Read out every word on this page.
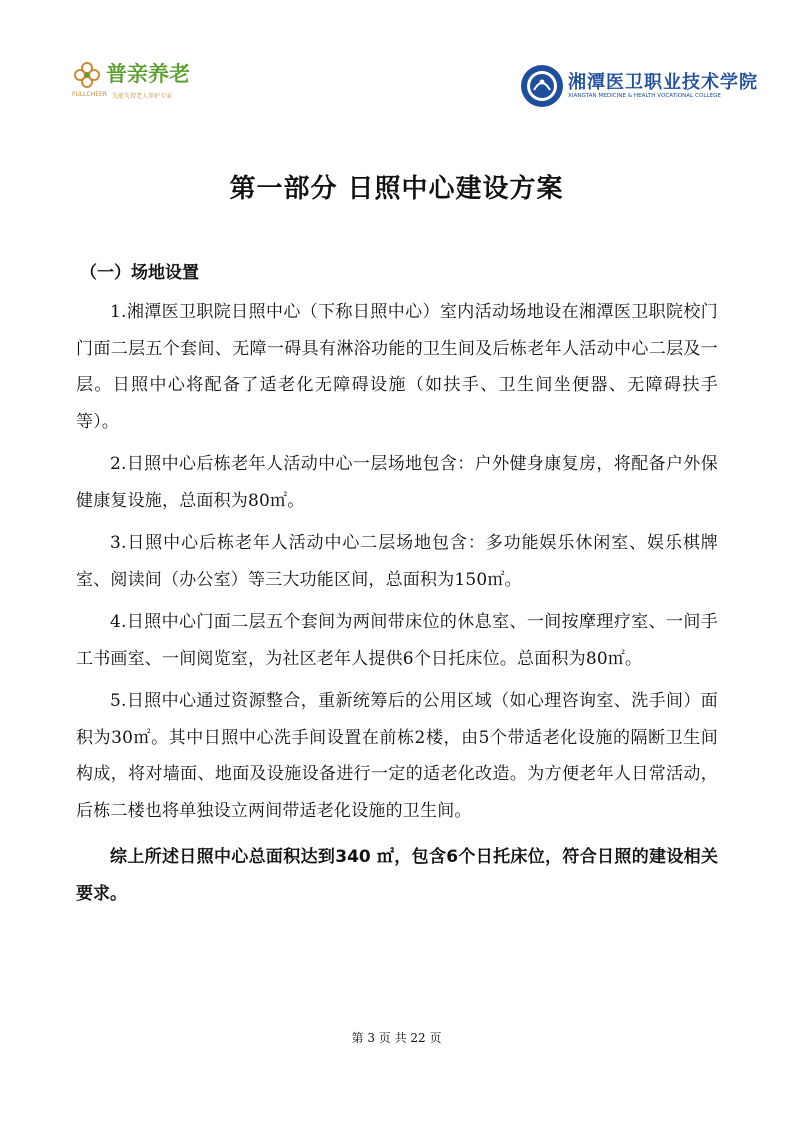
普亲养老
FULLCHEER 失能失智老人养护专家
湘潭医卫职业技术学院
XIANGTAN MEDICINE & HEALTH VOCATIONAL COLLEGE
第一部分 日照中心建设方案
（一）场地设置

1.湘潭医卫职院日照中心（下称日照中心）室内活动场地设在湘潭医卫职院校门门面二层五个套间、无障一碍具有淋浴功能的卫生间及后栋老年人活动中心二层及一层。日照中心将配备了适老化无障碍设施（如扶手、卫生间坐便器、无障碍扶手等）。

2.日照中心后栋老年人活动中心一层场地包含：户外健身康复房，将配备户外保健康复设施，总面积为80㎡。

3.日照中心后栋老年人活动中心二层场地包含：多功能娱乐休闲室、娱乐棋牌室、阅读间（办公室）等三大功能区间，总面积为150㎡。

4.日照中心门面二层五个套间为两间带床位的休息室、一间按摩理疗室、一间手工书画室、一间阅览室，为社区老年人提供6个日托床位。总面积为80㎡。

5.日照中心通过资源整合，重新统筹后的公用区域（如心理咨询室、洗手间）面积为30㎡。其中日照中心洗手间设置在前栋2楼，由5个带适老化设施的隔断卫生间构成，将对墙面、地面及设施设备进行一定的适老化改造。为方便老年人日常活动，后栋二楼也将单独设立两间带适老化设施的卫生间。

综上所述日照中心总面积达到340 ㎡，包含6个日托床位，符合日照的建设相关要求。

第 3 页 共 22 页
